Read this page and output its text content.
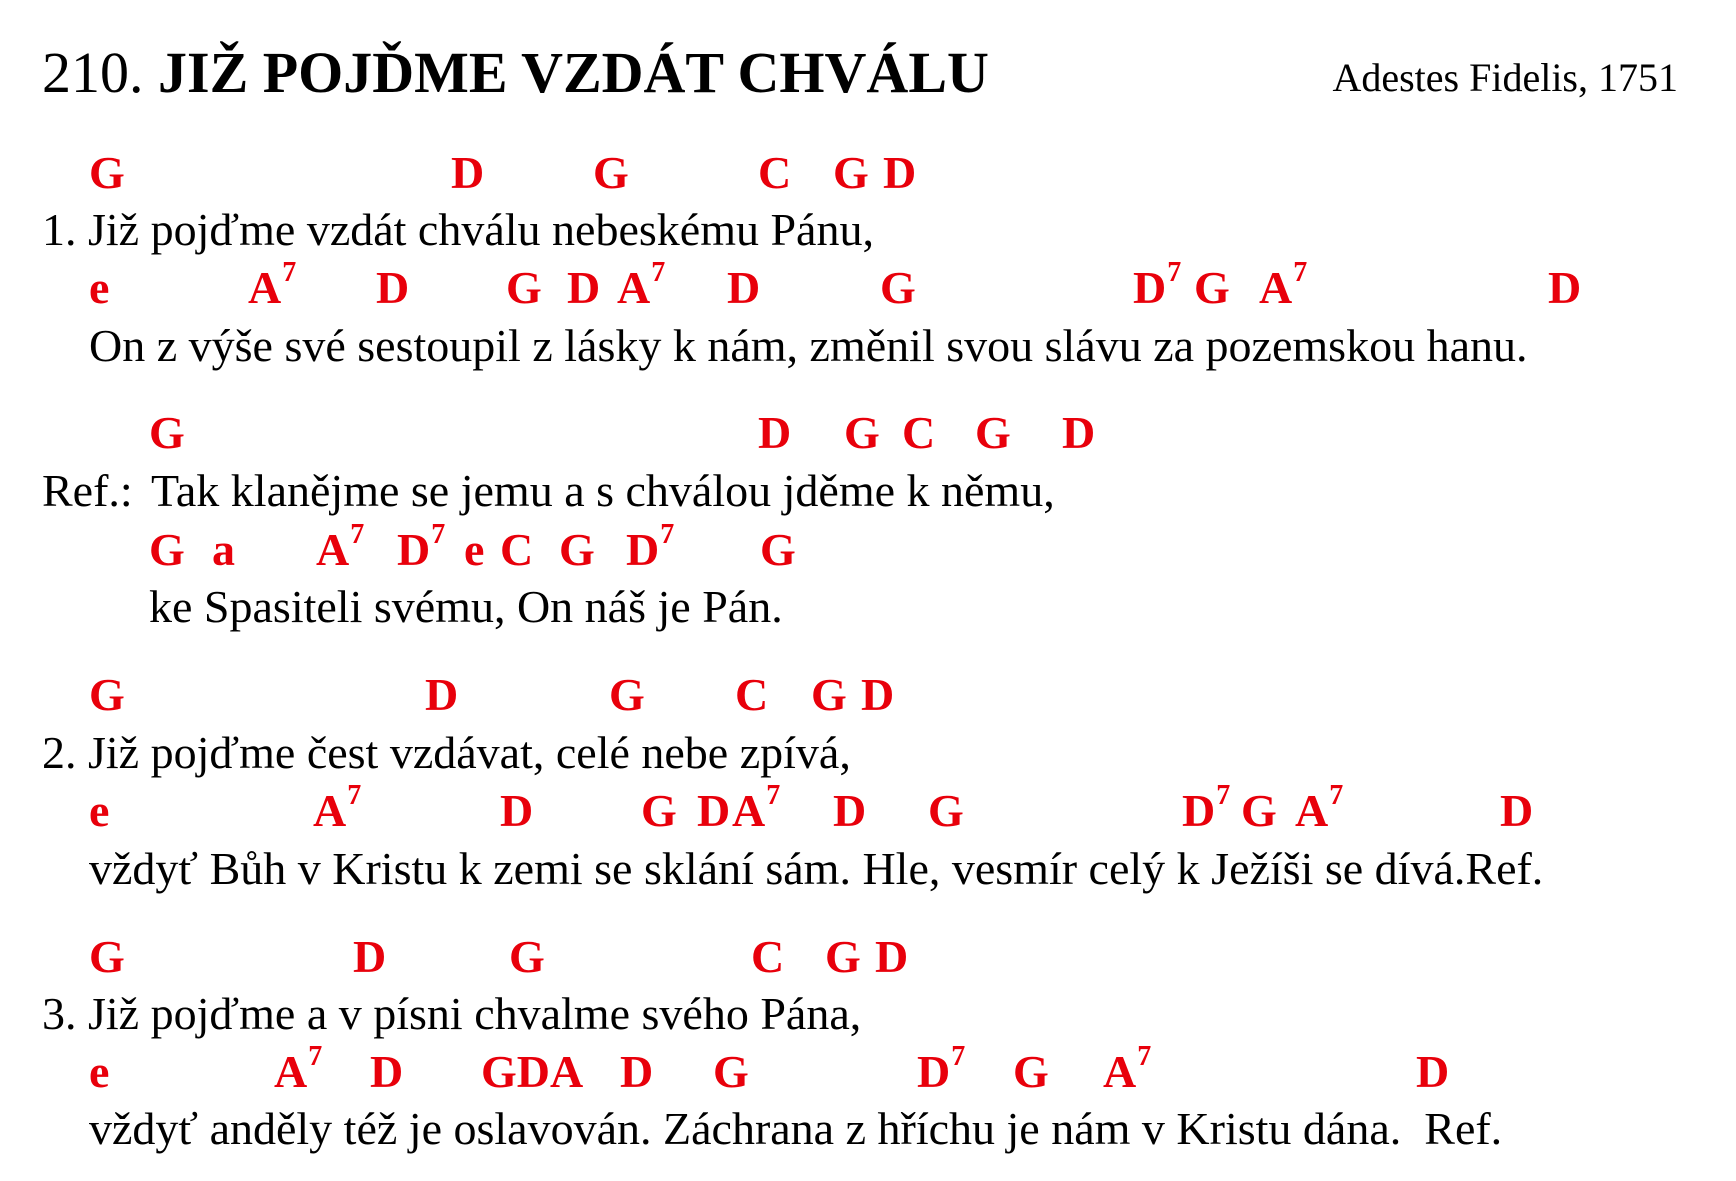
210. JIŽ POJĎME VZDÁT CHVÁLU	Adestes Fidelis, 1751
G	D G	C G D
1. Již pojďme vzdát chválu nebeskému Pánu,
e	$A^7$ D G D $A^7$ D	G	$D^7$ G $A^7$	D
On z výše své sestoupil z lásky k nám, změnil svou slávu za pozemskou hanu.
G	D G C G D
Ref.: Tak klanějme se jemu a s chválou jděme k němu,
G a $A^7$ $D^7$ e C G $D^7$ G
ke Spasiteli svému, On náš je Pán.
G	D	G C G D
2. Již pojďme čest vzdávat, celé nebe zpívá,
e	$A^7$	D G D $A^7$ D G	$D^7$ G $A^7$	D
vždyť Bůh v Kristu k zemi se sklání sám. Hle, vesmír celý k Ježíši se dívá.Ref.
G	D	G	C G D
3. Již pojďme a v písni chvalme svého Pána,
e	$A^7$ D GDA D G	$D^7$ G $A^7$	D
vždyť anděly též je oslavován. Záchrana z hříchu je nám v Kristu dána.  Ref.
